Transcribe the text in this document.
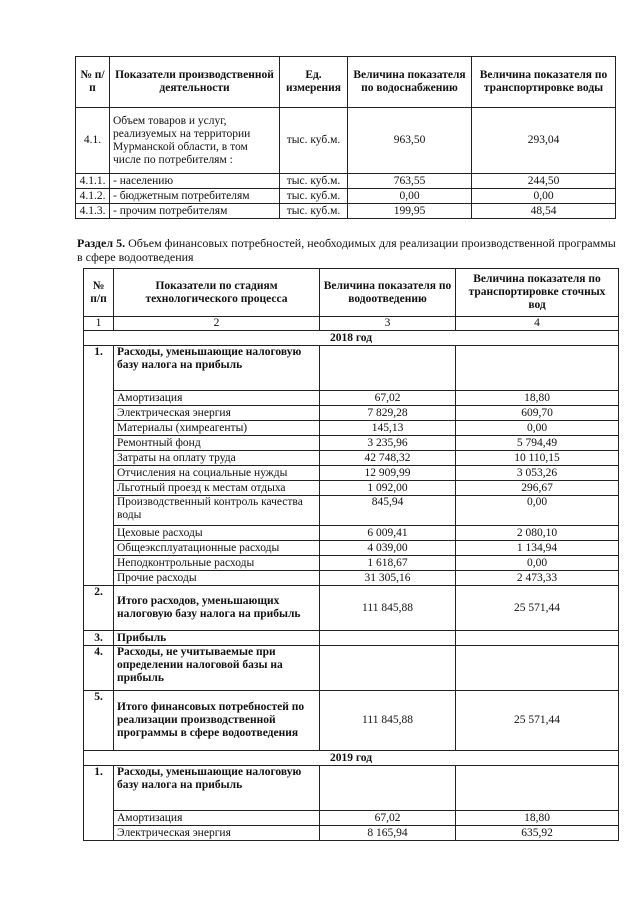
№ п/п	Показатели производственной деятельности	Ед. измерения	Величина показателя по водоснабжению	Величина показателя по транспортировке воды
4.1.	Объем товаров и услуг, реализуемых на территории Мурманской области, в том числе по потребителям :	тыс. куб.м.	963,50	293,04
4.1.1.	- населению	тыс. куб.м.	763,55	244,50
4.1.2.	- бюджетным потребителям	тыс. куб.м.	0,00	0,00
4.1.3.	- прочим потребителям	тыс. куб.м.	199,95	48,54
Раздел 5. Объем финансовых потребностей, необходимых для реализации производственной программы в сфере водоотведения
№ п/п	Показатели по стадиям технологического процесса	Величина показателя по водоотведению	Величина показателя по транспортировке сточных вод
1	2	3	4
2018 год			
1.	Расходы, уменьшающие налоговую базу налога на прибыль		
	Амортизация	67,02	18,80
	Электрическая энергия	7 829,28	609,70
	Материалы (химреагенты)	145,13	0,00
	Ремонтный фонд	3 235,96	5 794,49
	Затраты на оплату труда	42 748,32	10 110,15
	Отчисления на социальные нужды	12 909,99	3 053,26
	Льготный проезд к местам отдыха	1 092,00	296,67
	Производственный контроль качества воды	845,94	0,00
	Цеховые расходы	6 009,41	2 080,10
	Общеэксплуатационные расходы	4 039,00	1 134,94
	Неподконтрольные расходы	1 618,67	0,00
	Прочие расходы	31 305,16	2 473,33
2.	Итого расходов, уменьшающих налоговую базу налога на прибыль	111 845,88	25 571,44
3.	Прибыль		
4.	Расходы, не учитываемые при определении налоговой базы на прибыль		
5.	Итого финансовых потребностей по реализации производственной программы в сфере водоотведения	111 845,88	25 571,44
2019 год			
1.	Расходы, уменьшающие налоговую базу налога на прибыль		
	Амортизация	67,02	18,80
	Электрическая энергия	8 165,94	635,92
